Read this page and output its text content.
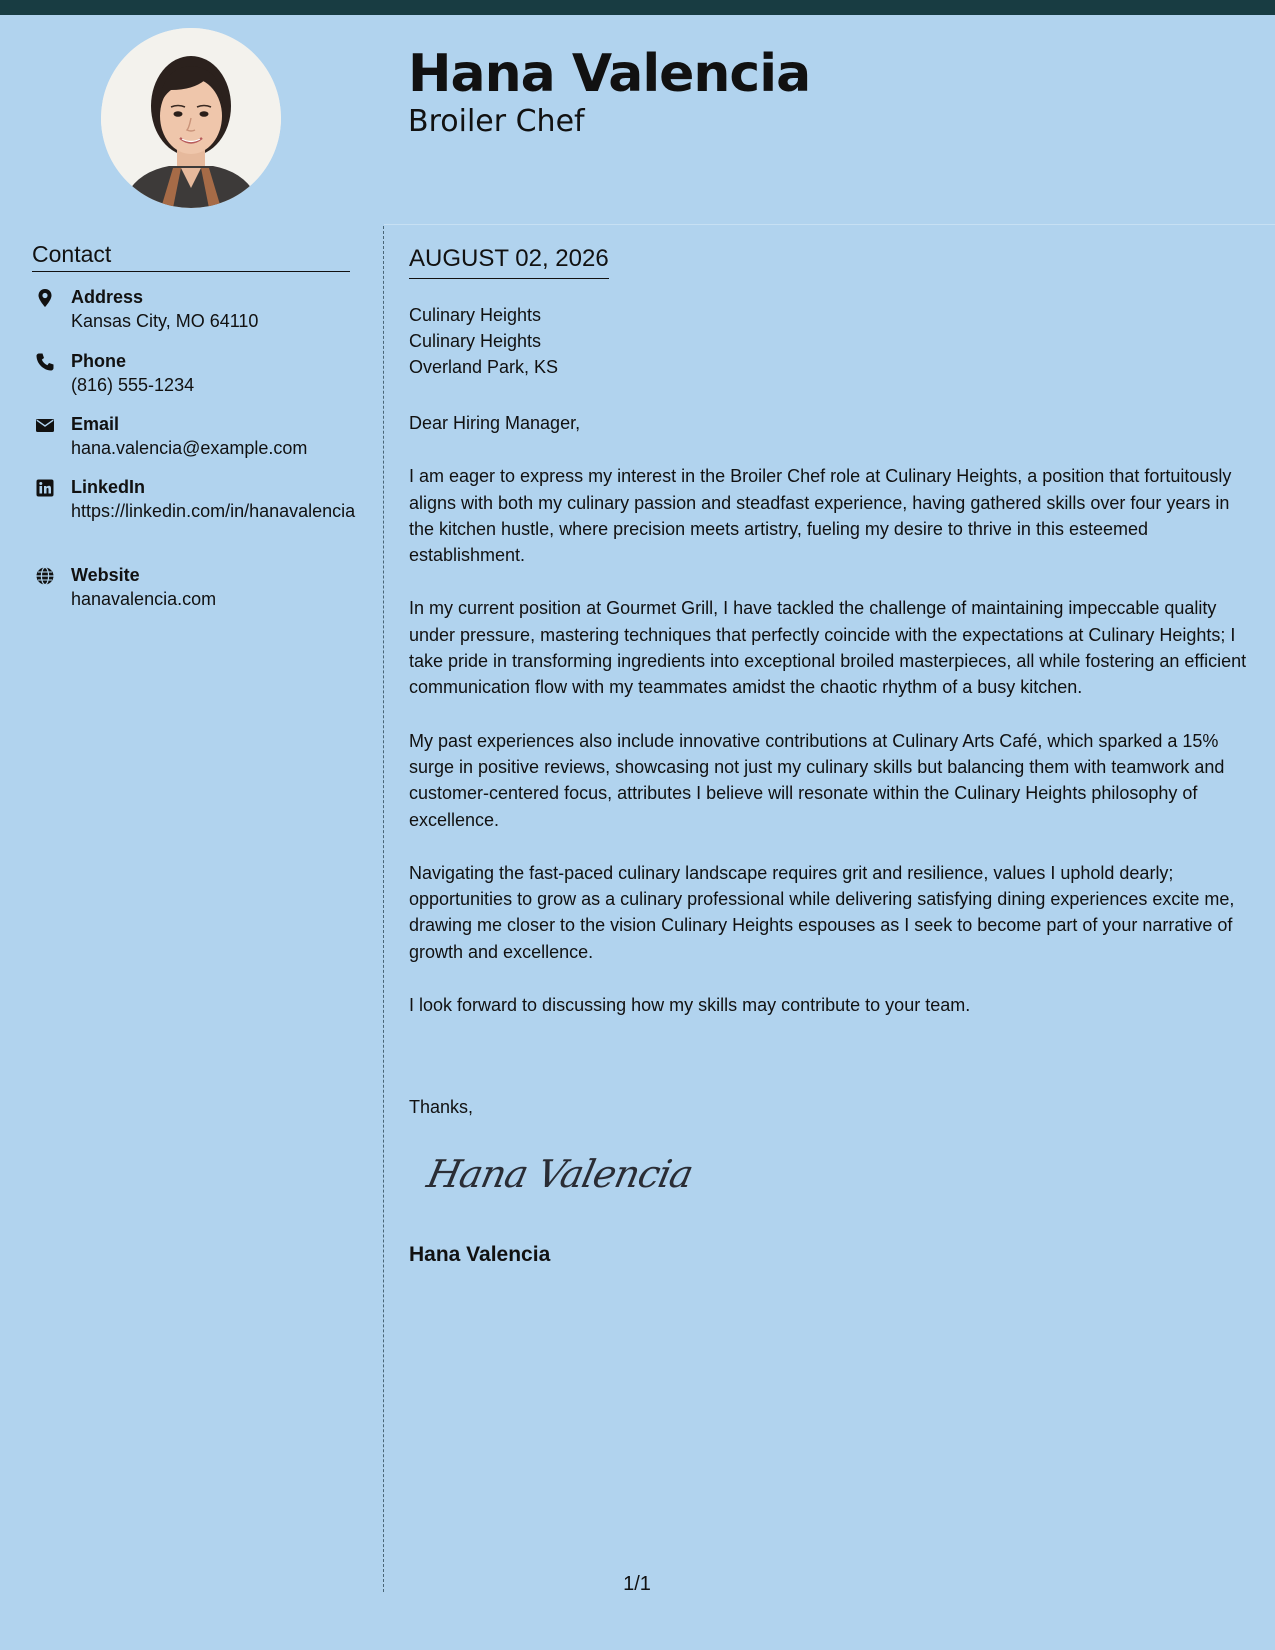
Hana Valencia
Broiler Chef
Contact
Address
Kansas City, MO 64110
Phone
(816) 555-1234
Email
hana.valencia@example.com
LinkedIn
https://linkedin.com/in/hanavalencia
Website
hanavalencia.com
AUGUST 02, 2026
Culinary Heights
Culinary Heights
Overland Park, KS

Dear Hiring Manager,

I am eager to express my interest in the Broiler Chef role at Culinary Heights, a position that fortuitously aligns with both my culinary passion and steadfast experience, having gathered skills over four years in the kitchen hustle, where precision meets artistry, fueling my desire to thrive in this esteemed establishment.

In my current position at Gourmet Grill, I have tackled the challenge of maintaining impeccable quality under pressure, mastering techniques that perfectly coincide with the expectations at Culinary Heights; I take pride in transforming ingredients into exceptional broiled masterpieces, all while fostering an efficient communication flow with my teammates amidst the chaotic rhythm of a busy kitchen.

My past experiences also include innovative contributions at Culinary Arts Café, which sparked a 15% surge in positive reviews, showcasing not just my culinary skills but balancing them with teamwork and customer-centered focus, attributes I believe will resonate within the Culinary Heights philosophy of excellence.

Navigating the fast-paced culinary landscape requires grit and resilience, values I uphold dearly; opportunities to grow as a culinary professional while delivering satisfying dining experiences excite me, drawing me closer to the vision Culinary Heights espouses as I seek to become part of your narrative of growth and excellence.

I look forward to discussing how my skills may contribute to your team.

Thanks,
Hana Valencia
Hana Valencia
1/1
